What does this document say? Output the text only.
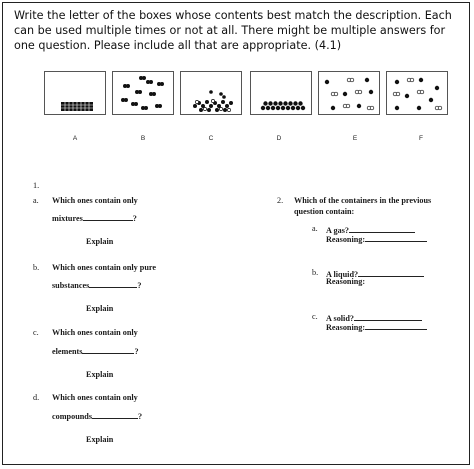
Write the letter of the boxes whose contents best match the description. Each can be used multiple times or not at all. There might be multiple answers for one question. Please include all that are appropriate. (4.1)
A	B	C	D	E	F
1.
a. Which ones contain only
mixtures	?
Explain
b. Which ones contain only pure
substances	?
Explain
c. Which ones contain only
elements	?
Explain
d. Which ones contain only
compounds	?
Explain
2. Which of the containers in the previous
question contain:
a. A gas?
Reasoning:
b. A liquid?
Reasoning:
c. A solid?
Reasoning:
